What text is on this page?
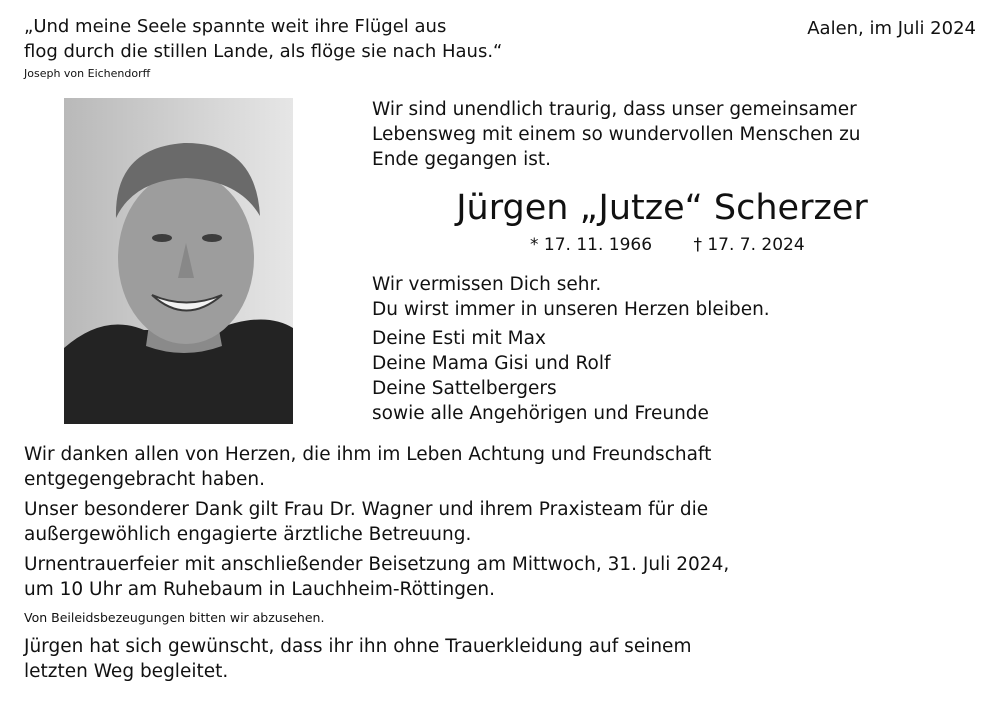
„Und meine Seele spannte weit ihre Flügel aus
flog durch die stillen Lande, als flöge sie nach Haus.“
Joseph von Eichendorff
Aalen, im Juli 2024
Wir sind unendlich traurig, dass unser gemeinsamer
Lebensweg mit einem so wundervollen Menschen zu
Ende gegangen ist.
Jürgen „Jutze“ Scherzer
* 17. 11. 1966 † 17. 7. 2024
Wir vermissen Dich sehr.
Du wirst immer in unseren Herzen bleiben.
Deine Esti mit Max
Deine Mama Gisi und Rolf
Deine Sattelbergers
sowie alle Angehörigen und Freunde
Wir danken allen von Herzen, die ihm im Leben Achtung und Freundschaft
entgegengebracht haben.
Unser besonderer Dank gilt Frau Dr. Wagner und ihrem Praxisteam für die
außergewöhlich engagierte ärztliche Betreuung.
Urnentrauerfeier mit anschließender Beisetzung am Mittwoch, 31. Juli 2024,
um 10 Uhr am Ruhebaum in Lauchheim-Röttingen.
Von Beileidsbezeugungen bitten wir abzusehen.
Jürgen hat sich gewünscht, dass ihr ihn ohne Trauerkleidung auf seinem
letzten Weg begleitet.
